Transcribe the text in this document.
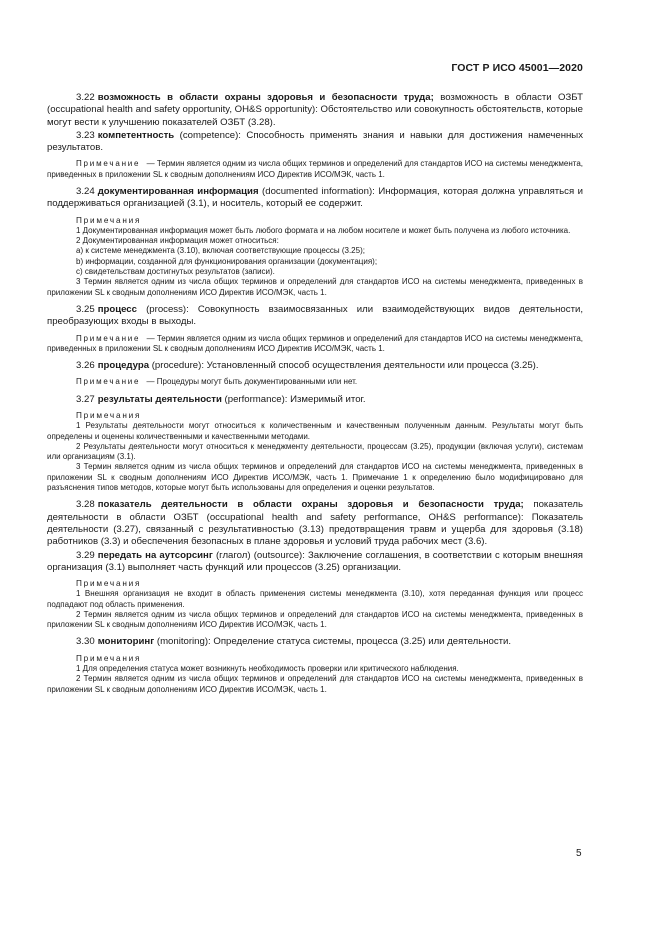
ГОСТ Р ИСО 45001—2020

3.22 возможность в области охраны здоровья и безопасности труда; возможность в области ОЗБТ (occupational health and safety opportunity, OH&S opportunity): Обстоятельство или совокупность обстоятельств, которые могут вести к улучшению показателей ОЗБТ (3.28).

3.23 компетентность (competence): Способность применять знания и навыки для достижения намеченных результатов.

Примечание — Термин является одним из числа общих терминов и определений для стандартов ИСО на системы менеджмента, приведенных в приложении SL к сводным дополнениям ИСО Директив ИСО/МЭК, часть 1.

3.24 документированная информация (documented information): Информация, которая должна управляться и поддерживаться организацией (3.1), и носитель, который ее содержит.

Примечания

1 Документированная информация может быть любого формата и на любом носителе и может быть получена из любого источника.

2 Документированная информация может относиться:

a) к системе менеджмента (3.10), включая соответствующие процессы (3.25);

b) информации, созданной для функционирования организации (документация);

c) свидетельствам достигнутых результатов (записи).

3 Термин является одним из числа общих терминов и определений для стандартов ИСО на системы менеджмента, приведенных в приложении SL к сводным дополнениям ИСО Директив ИСО/МЭК, часть 1.

3.25 процесс (process): Совокупность взаимосвязанных или взаимодействующих видов деятельности, преобразующих входы в выходы.

Примечание — Термин является одним из числа общих терминов и определений для стандартов ИСО на системы менеджмента, приведенных в приложении SL к сводным дополнениям ИСО Директив ИСО/МЭК, часть 1.

3.26 процедура (procedure): Установленный способ осуществления деятельности или процесса (3.25).

Примечание — Процедуры могут быть документированными или нет.

3.27 результаты деятельности (performance): Измеримый итог.

Примечания

1 Результаты деятельности могут относиться к количественным и качественным полученным данным. Результаты могут быть определены и оценены количественными и качественными методами.

2 Результаты деятельности могут относиться к менеджменту деятельности, процессам (3.25), продукции (включая услуги), системам или организациям (3.1).

3 Термин является одним из числа общих терминов и определений для стандартов ИСО на системы менеджмента, приведенных в приложении SL к сводным дополнениям ИСО Директив ИСО/МЭК, часть 1. Примечание 1 к определению было модифицировано для разъяснения типов методов, которые могут быть использованы для определения и оценки результатов.

3.28 показатель деятельности в области охраны здоровья и безопасности труда; показатель деятельности в области ОЗБТ (occupational health and safety performance, OH&S performance): Показатель деятельности (3.27), связанный с результативностью (3.13) предотвращения травм и ущерба для здоровья (3.18) работников (3.3) и обеспечения безопасных в плане здоровья и условий труда рабочих мест (3.6).

3.29 передать на аутсорсинг (глагол) (outsource): Заключение соглашения, в соответствии с которым внешняя организация (3.1) выполняет часть функций или процессов (3.25) организации.

Примечания

1 Внешняя организация не входит в область применения системы менеджмента (3.10), хотя переданная функция или процесс подпадают под область применения.

2 Термин является одним из числа общих терминов и определений для стандартов ИСО на системы менеджмента, приведенных в приложении SL к сводным дополнениям ИСО Директив ИСО/МЭК, часть 1.

3.30 мониторинг (monitoring): Определение статуса системы, процесса (3.25) или деятельности.

Примечания

1 Для определения статуса может возникнуть необходимость проверки или критического наблюдения.

2 Термин является одним из числа общих терминов и определений для стандартов ИСО на системы менеджмента, приведенных в приложении SL к сводным дополнениям ИСО Директив ИСО/МЭК, часть 1.

5
